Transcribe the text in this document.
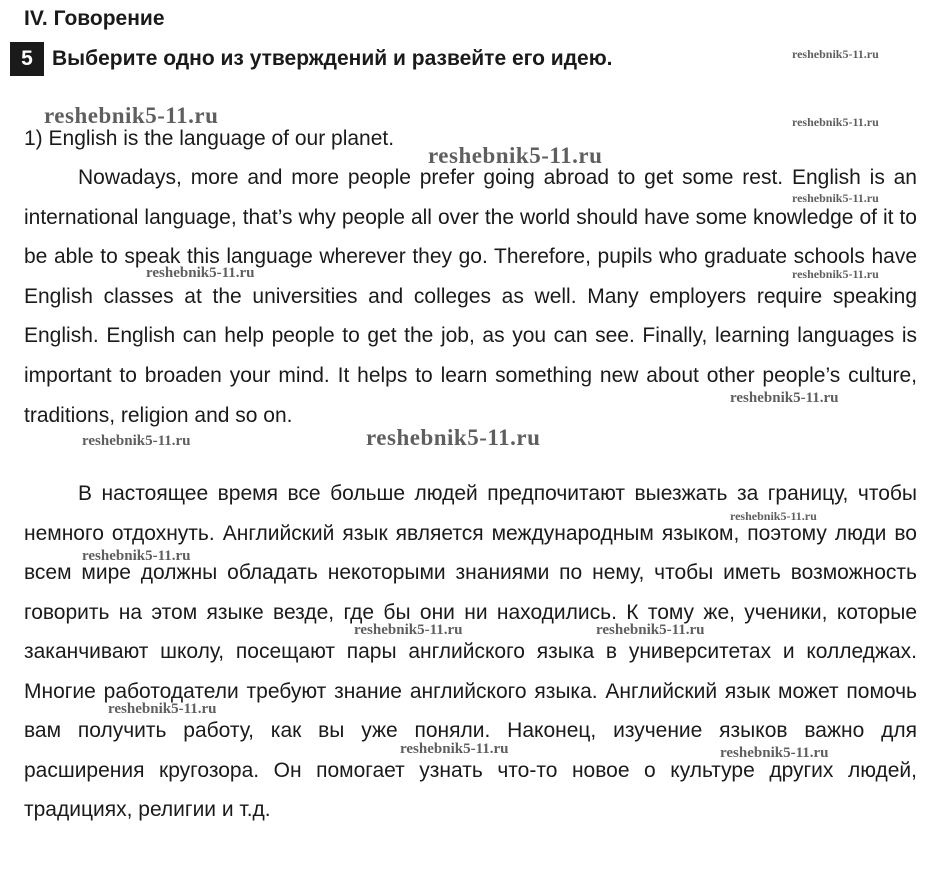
IV. Говорение
5 Выберите одно из утверждений и развейте его идею.
1) English is the language of our planet.
Nowadays, more and more people prefer going abroad to get some rest. English is an international language, that’s why people all over the world should have some knowledge of it to be able to speak this language wherever they go. Therefore, pupils who graduate schools have English classes at the universities and colleges as well. Many employers require speaking English. English can help people to get the job, as you can see. Finally, learning languages is important to broaden your mind. It helps to learn something new about other people’s culture, traditions, religion and so on.
В настоящее время все больше людей предпочитают выезжать за границу, чтобы немного отдохнуть. Английский язык является международным языком, поэтому люди во всем мире должны обладать некоторыми знаниями по нему, чтобы иметь возможность говорить на этом языке везде, где бы они ни находились. К тому же, ученики, которые заканчивают школу, посещают пары английского языка в университетах и колледжах. Многие работодатели требуют знание английского языка. Английский язык может помочь вам получить работу, как вы уже поняли. Наконец, изучение языков важно для расширения кругозора. Он помогает узнать что-то новое о культуре других людей, традициях, религии и т.д.
reshebnik5-11.ru
reshebnik5-11.ru	reshebnik5-11.ru
reshebnik5-11.ru
reshebnik5-11.ru
reshebnik5-11.ru	reshebnik5-11.ru
reshebnik5-11.ru
reshebnik5-11.ru	reshebnik5-11.ru
reshebnik5-11.ru
reshebnik5-11.ru
reshebnik5-11.ru	reshebnik5-11.ru
reshebnik5-11.ru
reshebnik5-11.ru	reshebnik5-11.ru
